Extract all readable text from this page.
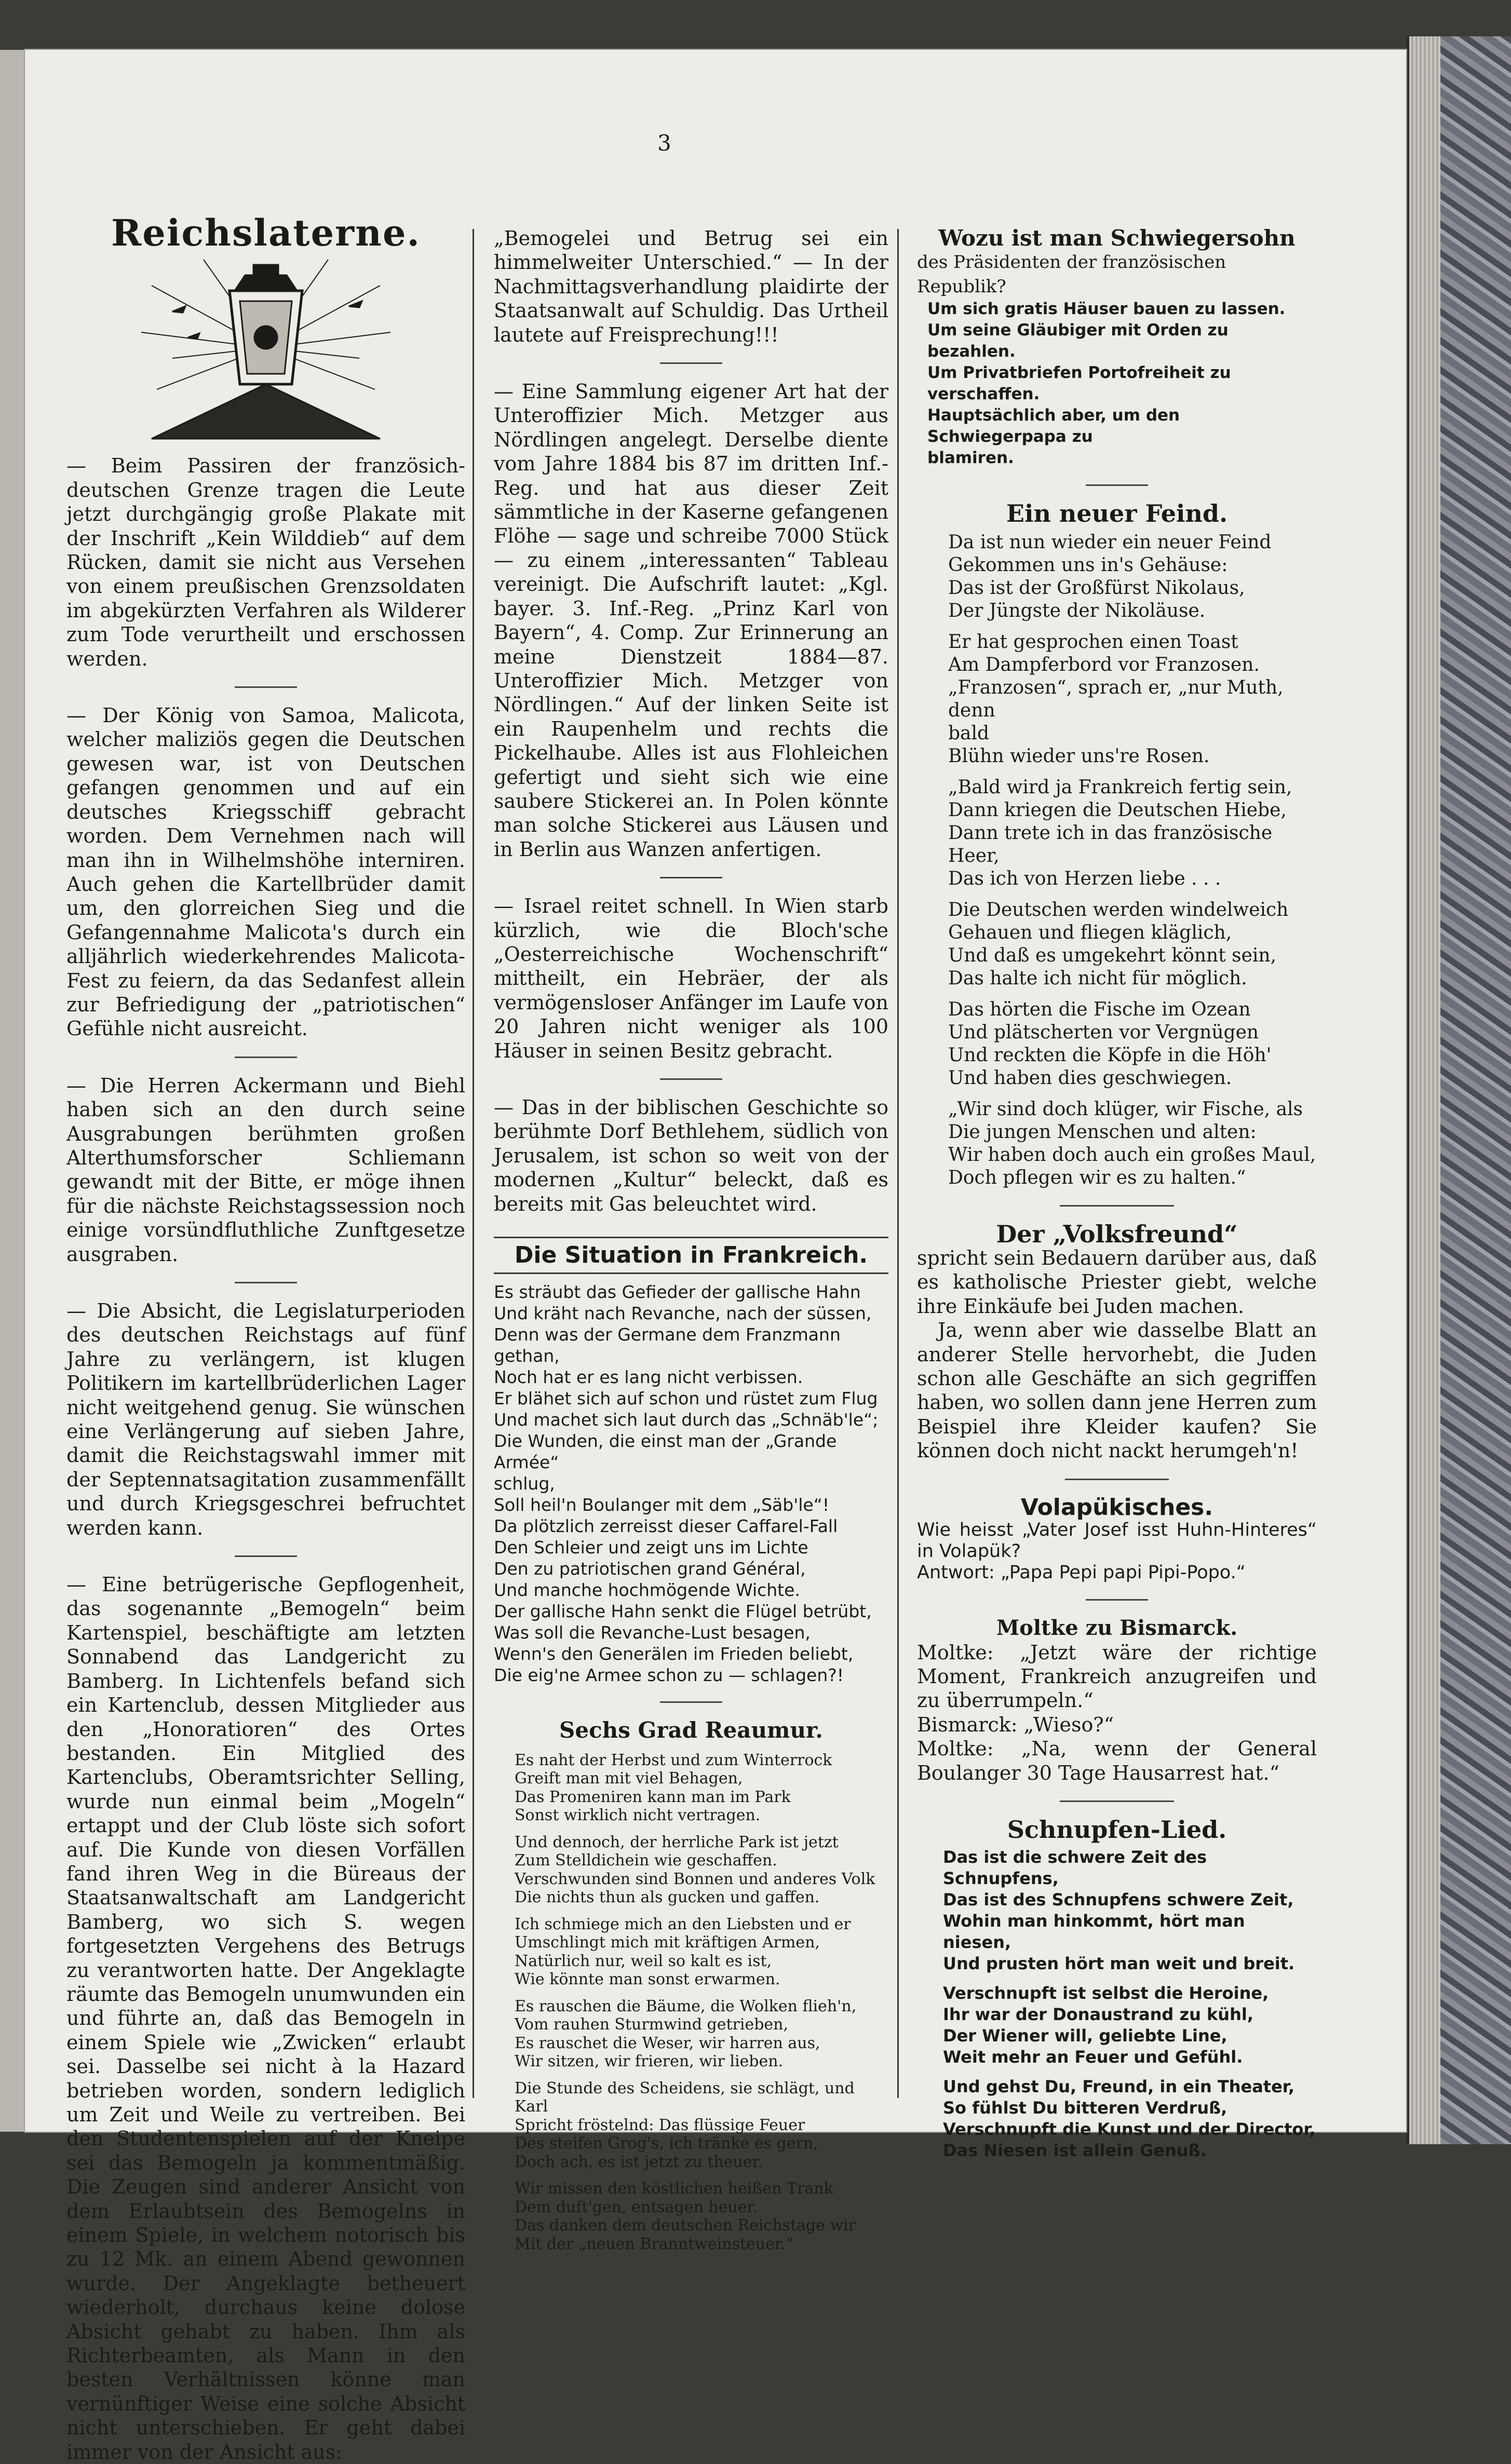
3

Reichslaterne.

— Beim Passiren der französich-deutschen Grenze tragen die Leute jetzt durchgängig große Plakate mit der Inschrift „Kein Wilddieb“ auf dem Rücken, damit sie nicht aus Versehen von einem preußischen Grenzsoldaten im abgekürzten Verfahren als Wilderer zum Tode verurtheilt und erschossen werden.

— Der König von Samoa, Malicota, welcher maliziös gegen die Deutschen gewesen war, ist von Deutschen gefangen genommen und auf ein deutsches Kriegsschiff gebracht worden. Dem Vernehmen nach will man ihn in Wilhelmshöhe interniren. Auch gehen die Kartellbrüder damit um, den glorreichen Sieg und die Gefangennahme Malicota's durch ein alljährlich wiederkehrendes Malicota-Fest zu feiern, da das Sedanfest allein zur Befriedigung der „patriotischen“ Gefühle nicht ausreicht.

— Die Herren Ackermann und Biehl haben sich an den durch seine Ausgrabungen berühmten großen Alterthumsforscher Schliemann gewandt mit der Bitte, er möge ihnen für die nächste Reichstagssession noch einige vorsündfluthliche Zunftgesetze ausgraben.

— Die Absicht, die Legislaturperioden des deutschen Reichstags auf fünf Jahre zu verlängern, ist klugen Politikern im kartellbrüderlichen Lager nicht weitgehend genug. Sie wünschen eine Verlängerung auf sieben Jahre, damit die Reichstagswahl immer mit der Septennatsagitation zusammenfällt und durch Kriegsgeschrei befruchtet werden kann.

— Eine betrügerische Gepflogenheit, das sogenannte „Bemogeln“ beim Kartenspiel, beschäftigte am letzten Sonnabend das Landgericht zu Bamberg. In Lichtenfels befand sich ein Kartenclub, dessen Mitglieder aus den „Honoratioren“ des Ortes bestanden. Ein Mitglied des Kartenclubs, Oberamtsrichter Selling, wurde nun einmal beim „Mogeln“ ertappt und der Club löste sich sofort auf. Die Kunde von diesen Vorfällen fand ihren Weg in die Büreaus der Staatsanwaltschaft am Landgericht Bamberg, wo sich S. wegen fortgesetzten Vergehens des Betrugs zu verantworten hatte. Der Angeklagte räumte das Bemogeln unumwunden ein und führte an, daß das Bemogeln in einem Spiele wie „Zwicken“ erlaubt sei. Dasselbe sei nicht à la Hazard betrieben worden, sondern lediglich um Zeit und Weile zu vertreiben. Bei den Studentenspielen auf der Kneipe sei das Bemogeln ja kommentmäßig. Die Zeugen sind anderer Ansicht von dem Erlaubtsein des Bemogelns in einem Spiele, in welchem notorisch bis zu 12 Mk. an einem Abend gewonnen wurde. Der Angeklagte betheuert wiederholt, durchaus keine dolose Absicht gehabt zu haben. Ihm als Richterbeamten, als Mann in den besten Verhältnissen könne man vernünftiger Weise eine solche Absicht nicht unterschieben. Er geht dabei immer von der Ansicht aus:

„Bemogelei und Betrug sei ein himmelweiter Unterschied.“ — In der Nachmittagsverhandlung plaidirte der Staatsanwalt auf Schuldig. Das Urtheil lautete auf Freisprechung!!!

— Eine Sammlung eigener Art hat der Unteroffizier Mich. Metzger aus Nördlingen angelegt. Derselbe diente vom Jahre 1884 bis 87 im dritten Inf.-Reg. und hat aus dieser Zeit sämmtliche in der Kaserne gefangenen Flöhe — sage und schreibe 7000 Stück — zu einem „interessanten“ Tableau vereinigt. Die Aufschrift lautet: „Kgl. bayer. 3. Inf.-Reg. „Prinz Karl von Bayern“, 4. Comp. Zur Erinnerung an meine Dienstzeit 1884—87. Unteroffizier Mich. Metzger von Nördlingen.“ Auf der linken Seite ist ein Raupenhelm und rechts die Pickelhaube. Alles ist aus Flohleichen gefertigt und sieht sich wie eine saubere Stickerei an. In Polen könnte man solche Stickerei aus Läusen und in Berlin aus Wanzen anfertigen.

— Israel reitet schnell. In Wien starb kürzlich, wie die Bloch'sche „Oesterreichische Wochenschrift“ mittheilt, ein Hebräer, der als vermögensloser Anfänger im Laufe von 20 Jahren nicht weniger als 100 Häuser in seinen Besitz gebracht.

— Das in der biblischen Geschichte so berühmte Dorf Bethlehem, südlich von Jerusalem, ist schon so weit von der modernen „Kultur“ beleckt, daß es bereits mit Gas beleuchtet wird.

Die Situation in Frankreich.

Es sträubt das Gefieder der gallische Hahn
Und kräht nach Revanche, nach der süssen,
Denn was der Germane dem Franzmann gethan,
Noch hat er es lang nicht verbissen.
Er blähet sich auf schon und rüstet zum Flug
Und machet sich laut durch das „Schnäb'le“;
Die Wunden, die einst man der „Grande Armée“
schlug,
Soll heil'n Boulanger mit dem „Säb'le“!
Da plötzlich zerreisst dieser Caffarel-Fall
Den Schleier und zeigt uns im Lichte
Den zu patriotischen grand Général,
Und manche hochmögende Wichte.
Der gallische Hahn senkt die Flügel betrübt,
Was soll die Revanche-Lust besagen,
Wenn's den Generälen im Frieden beliebt,
Die eig'ne Armee schon zu — schlagen?!

Sechs Grad Reaumur.

Es naht der Herbst und zum Winterrock
Greift man mit viel Behagen,
Das Promeniren kann man im Park
Sonst wirklich nicht vertragen.
Und dennoch, der herrliche Park ist jetzt
Zum Stelldichein wie geschaffen.
Verschwunden sind Bonnen und anderes Volk
Die nichts thun als gucken und gaffen.
Ich schmiege mich an den Liebsten und er
Umschlingt mich mit kräftigen Armen,
Natürlich nur, weil so kalt es ist,
Wie könnte man sonst erwarmen.
Es rauschen die Bäume, die Wolken flieh'n,
Vom rauhen Sturmwind getrieben,
Es rauschet die Weser, wir harren aus,
Wir sitzen, wir frieren, wir lieben.
Die Stunde des Scheidens, sie schlägt, und Karl
Spricht fröstelnd: Das flüssige Feuer
Des steifen Grog's, ich tränke es gern,
Doch ach, es ist jetzt zu theuer.
Wir missen den köstlichen heißen Trank
Dem duft'gen, entsagen heuer.
Das danken dem deutschen Reichstage wir
Mit der „neuen Branntweinsteuer.“

Wozu ist man Schwiegersohn

des Präsidenten der französischen Republik?

Um sich gratis Häuser bauen zu lassen.
Um seine Gläubiger mit Orden zu bezahlen.
Um Privatbriefen Portofreiheit zu verschaffen.
Hauptsächlich aber, um den Schwiegerpapa zu
blamiren.

Ein neuer Feind.

Da ist nun wieder ein neuer Feind
Gekommen uns in's Gehäuse:
Das ist der Großfürst Nikolaus,
Der Jüngste der Nikoläuse.
Er hat gesprochen einen Toast
Am Dampferbord vor Franzosen.
„Franzosen“, sprach er, „nur Muth, denn
bald
Blühn wieder uns're Rosen.
„Bald wird ja Frankreich fertig sein,
Dann kriegen die Deutschen Hiebe,
Dann trete ich in das französische Heer,
Das ich von Herzen liebe . . .
Die Deutschen werden windelweich
Gehauen und fliegen kläglich,
Und daß es umgekehrt könnt sein,
Das halte ich nicht für möglich.
Das hörten die Fische im Ozean
Und plätscherten vor Vergnügen
Und reckten die Köpfe in die Höh'
Und haben dies geschwiegen.
„Wir sind doch klüger, wir Fische, als
Die jungen Menschen und alten:
Wir haben doch auch ein großes Maul,
Doch pflegen wir es zu halten.“

Der „Volksfreund“

spricht sein Bedauern darüber aus, daß es katholische Priester giebt, welche ihre Einkäufe bei Juden machen.

Ja, wenn aber wie dasselbe Blatt an anderer Stelle hervorhebt, die Juden schon alle Geschäfte an sich gegriffen haben, wo sollen dann jene Herren zum Beispiel ihre Kleider kaufen? Sie können doch nicht nackt herumgeh'n!

Volapükisches.

Wie heisst „Vater Josef isst Huhn-Hinteres“ in Volapük?

Antwort: „Papa Pepi papi Pipi-Popo.“

Moltke zu Bismarck.

Moltke: „Jetzt wäre der richtige Moment, Frankreich anzugreifen und zu überrumpeln.“

Bismarck: „Wieso?“

Moltke: „Na, wenn der General Boulanger 30 Tage Hausarrest hat.“

Schnupfen-Lied.

Das ist die schwere Zeit des Schnupfens,
Das ist des Schnupfens schwere Zeit,
Wohin man hinkommt, hört man niesen,
Und prusten hört man weit und breit.
Verschnupft ist selbst die Heroine,
Ihr war der Donaustrand zu kühl,
Der Wiener will, geliebte Line,
Weit mehr an Feuer und Gefühl.
Und gehst Du, Freund, in ein Theater,
So fühlst Du bitteren Verdruß,
Verschnupft die Kunst und der Director,
Das Niesen ist allein Genuß.
